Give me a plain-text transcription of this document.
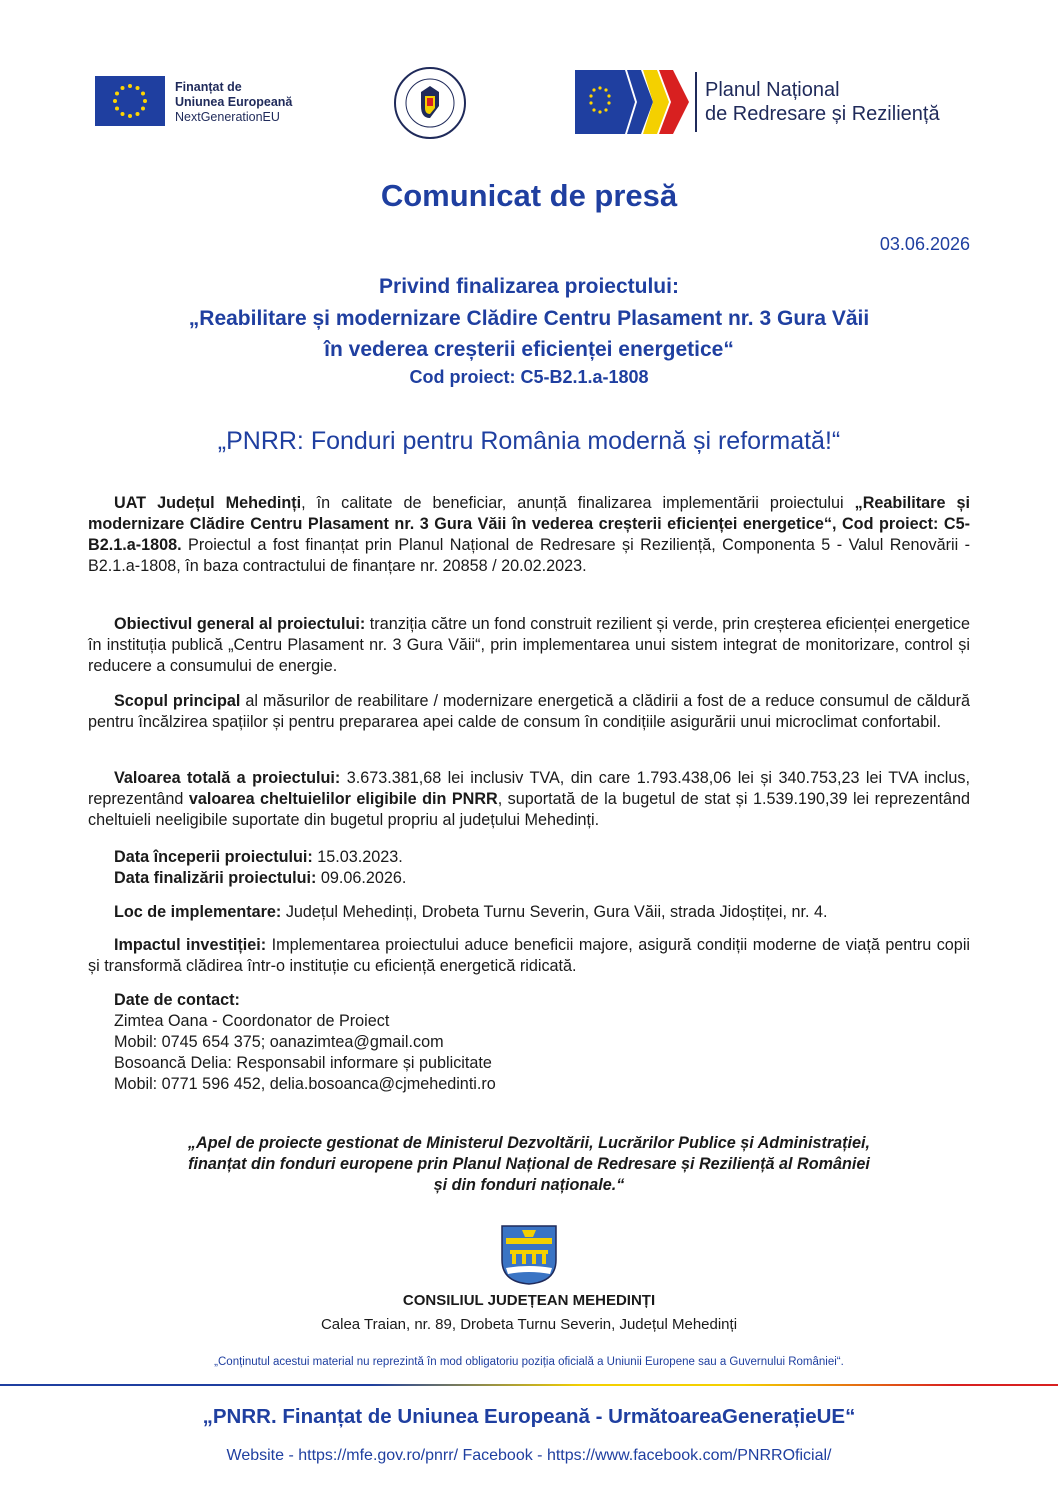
Finanțat de
Uniunea Europeană
NextGenerationEU
Planul Național
de Redresare și Reziliență
Comunicat de presă
03.06.2026
Privind finalizarea proiectului:
„Reabilitare și modernizare Clădire Centru Plasament nr. 3 Gura Văii
în vederea creșterii eficienței energetice“
Cod proiect: C5-B2.1.a-1808
„PNRR: Fonduri pentru România modernă și reformată!“
UAT Județul Mehedinți, în calitate de beneficiar, anunță finalizarea implementării proiectului „Reabilitare și modernizare Clădire Centru Plasament nr. 3 Gura Văii în vederea creșterii eficienței energetice“, Cod proiect: C5-B2.1.a-1808. Proiectul a fost finanțat prin Planul Național de Redresare și Reziliență, Componenta 5 - Valul Renovării - B2.1.a-1808, în baza contractului de finanțare nr. 20858 / 20.02.2023.
Obiectivul general al proiectului: tranziția către un fond construit rezilient și verde, prin creșterea eficienței energetice în instituția publică „Centru Plasament nr. 3 Gura Văii“, prin implementarea unui sistem integrat de monitorizare, control și reducere a consumului de energie.
Scopul principal al măsurilor de reabilitare / modernizare energetică a clădirii a fost de a reduce consumul de căldură pentru încălzirea spațiilor și pentru prepararea apei calde de consum în condițiile asigurării unui microclimat confortabil.
Valoarea totală a proiectului: 3.673.381,68 lei inclusiv TVA, din care 1.793.438,06 lei și 340.753,23 lei TVA inclus, reprezentând valoarea cheltuielilor eligibile din PNRR, suportată de la bugetul de stat și 1.539.190,39 lei reprezentând cheltuieli neeligibile suportate din bugetul propriu al județului Mehedinți.
Data începerii proiectului: 15.03.2023.
Data finalizării proiectului: 09.06.2026.
Loc de implementare: Județul Mehedinți, Drobeta Turnu Severin, Gura Văii, strada Jidoștiței, nr. 4.
Impactul investiției: Implementarea proiectului aduce beneficii majore, asigură condiții moderne de viață pentru copii și transformă clădirea într-o instituție cu eficiență energetică ridicată.
Date de contact:
Zimtea Oana - Coordonator de Proiect
Mobil: 0745 654 375; oanazimtea@gmail.com
Bosoancă Delia: Responsabil informare și publicitate
Mobil: 0771 596 452, delia.bosoanca@cjmehedinti.ro
„Apel de proiecte gestionat de Ministerul Dezvoltării, Lucrărilor Publice și Administrației,
finanțat din fonduri europene prin Planul Național de Redresare și Reziliență al României
și din fonduri naționale.“
CONSILIUL JUDEȚEAN MEHEDINȚI
Calea Traian, nr. 89, Drobeta Turnu Severin, Județul Mehedinți
„Conținutul acestui material nu reprezintă în mod obligatoriu poziția oficială a Uniunii Europene sau a Guvernului României“.
„PNRR. Finanțat de Uniunea Europeană - UrmătoareaGenerațieUE“
Website - https://mfe.gov.ro/pnrr/ Facebook - https://www.facebook.com/PNRROficial/
